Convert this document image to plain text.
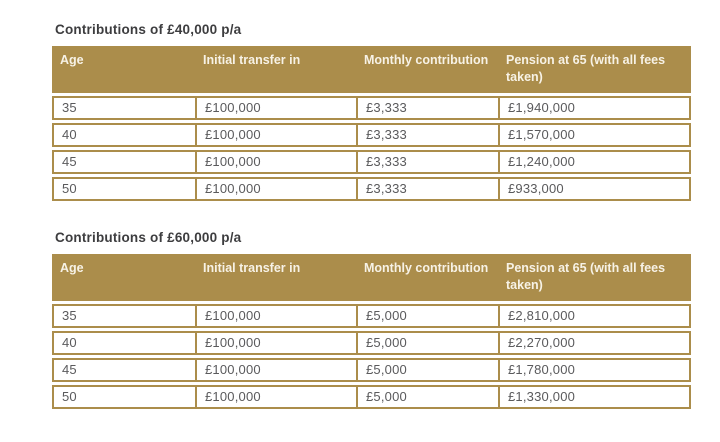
Contributions of £40,000 p/a
Age	Initial transfer in	Monthly contribution	Pension at 65 (with all fees taken)
35	£100,000	£3,333	£1,940,000
40	£100,000	£3,333	£1,570,000
45	£100,000	£3,333	£1,240,000
50	£100,000	£3,333	£933,000
Contributions of £60,000 p/a
Age	Initial transfer in	Monthly contribution	Pension at 65 (with all fees taken)
35	£100,000	£5,000	£2,810,000
40	£100,000	£5,000	£2,270,000
45	£100,000	£5,000	£1,780,000
50	£100,000	£5,000	£1,330,000
